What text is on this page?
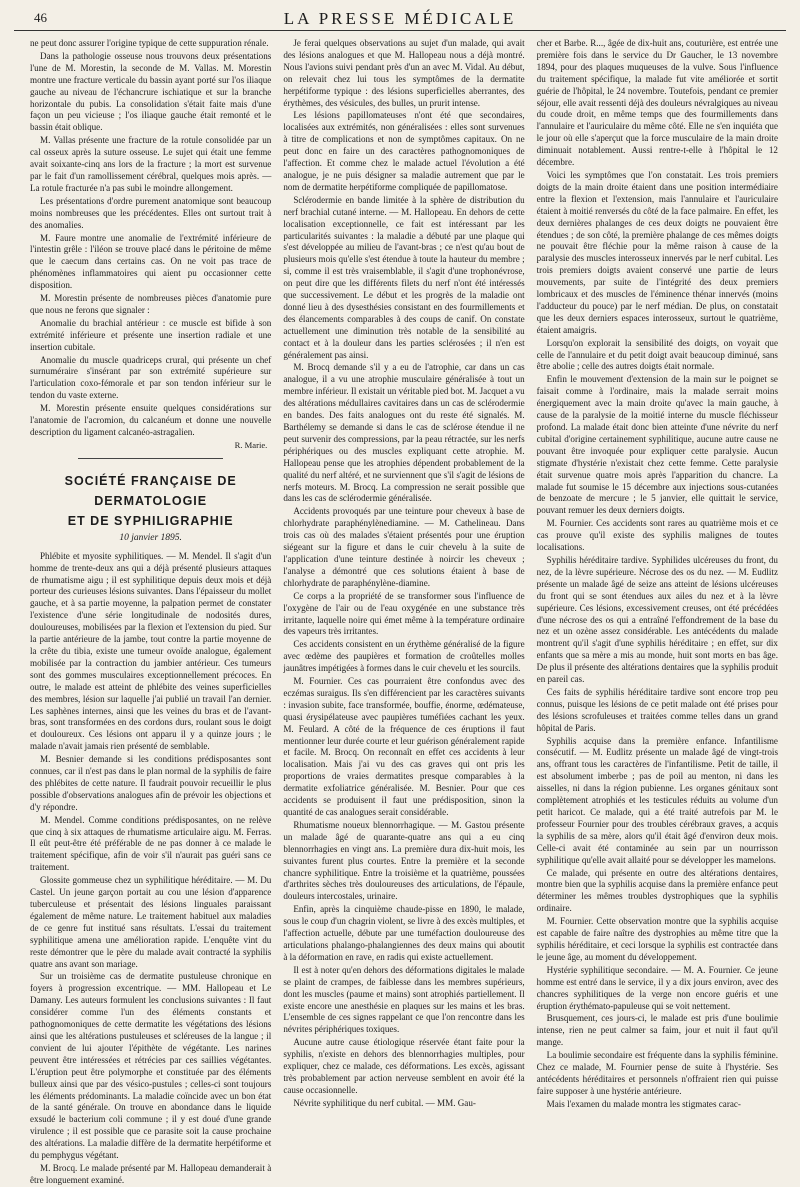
46	LA PRESSE MÉDICALE

ne peut donc assurer l'origine typique de cette suppuration rénale.

Dans la pathologie osseuse nous trouvons deux présentations l'une de M. Morestin, la seconde de M. Vallas. M. Morestin montre une fracture verticale du bassin ayant porté sur l'os iliaque gauche au niveau de l'échancrure ischiatique et sur la branche horizontale du pubis. La consolidation s'était faite mais d'une façon un peu vicieuse ; l'os iliaque gauche était remonté et le bassin était oblique.

M. Vallas présente une fracture de la rotule consolidée par un cal osseux après la suture osseuse. Le sujet qui était une femme avait soixante-cinq ans lors de la fracture ; la mort est survenue par le fait d'un ramollissement cérébral, quelques mois après. — La rotule fracturée n'a pas subi le moindre allongement.

Les présentations d'ordre purement anatomique sont beaucoup moins nombreuses que les précédentes. Elles ont surtout trait à des anomalies.

M. Faure montre une anomalie de l'extrémité inférieure de l'intestin grêle : l'iléon se trouve placé dans le péritoine de même que le caecum dans certains cas. On ne voit pas trace de phénomènes inflammatoires qui aient pu occasionner cette disposition.

M. Morestin présente de nombreuses pièces d'anatomie pure que nous ne ferons que signaler :

Anomalie du brachial antérieur : ce muscle est bifide à son extrémité inférieure et présente une insertion radiale et une insertion cubitale.

Anomalie du muscle quadriceps crural, qui présente un chef surnuméraire s'insérant par son extrémité supérieure sur l'articulation coxo-fémorale et par son tendon inférieur sur le tendon du vaste externe.

M. Morestin présente ensuite quelques considérations sur l'anatomie de l'acromion, du calcanéum et donne une nouvelle description du ligament calcanéo-astragalien.

R. Marie.
SOCIÉTÉ FRANÇAISE DE DERMATOLOGIE
ET DE SYPHILIGRAPHIE
10 janvier 1895.

Phlébite et myosite syphilitiques. — M. Mendel. Il s'agit d'un homme de trente-deux ans qui a déjà présenté plusieurs attaques de rhumatisme aigu ; il est syphilitique depuis deux mois et déjà porteur des curieuses lésions suivantes. Dans l'épaisseur du mollet gauche, et à sa partie moyenne, la palpation permet de constater l'existence d'une série longitudinale de nodosités dures, douloureuses, mobilisées par la flexion et l'extension du pied. Sur la partie antérieure de la jambe, tout contre la partie moyenne de la crête du tibia, existe une tumeur ovoïde analogue, également mobilisée par la contraction du jambier antérieur. Ces tumeurs sont des gommes musculaires exceptionnellement précoces. En outre, le malade est atteint de phlébite des veines superficielles des membres, lésion sur laquelle j'ai publié un travail l'an dernier. Les saphènes internes, ainsi que les veines du bras et de l'avant-bras, sont transformées en des cordons durs, roulant sous le doigt et douloureux. Ces lésions ont apparu il y a quinze jours ; le malade n'avait jamais rien présenté de semblable.

M. Besnier demande si les conditions prédisposantes sont connues, car il n'est pas dans le plan normal de la syphilis de faire des phlébites de cette nature. Il faudrait pouvoir recueillir le plus possible d'observations analogues afin de prévoir les objections et d'y répondre.

M. Mendel. Comme conditions prédisposantes, on ne relève que cinq à six attaques de rhumatisme articulaire aigu. M. Ferras. Il eût peut-être été préférable de ne pas donner à ce malade le traitement spécifique, afin de voir s'il n'aurait pas guéri sans ce traitement.

Glossite gommeuse chez un syphilitique héréditaire. — M. Du Castel. Un jeune garçon portait au cou une lésion d'apparence tuberculeuse et présentait des lésions linguales paraissant également de même nature. Le traitement habituel aux maladies de ce genre fut institué sans résultats. L'essai du traitement syphilitique amena une amélioration rapide. L'enquête vint du reste démontrer que le père du malade avait contracté la syphilis quatre ans avant son mariage.

Sur un troisième cas de dermatite pustuleuse chronique en foyers à progression excentrique. — MM. Hallopeau et Le Damany. Les auteurs formulent les conclusions suivantes : Il faut considérer comme l'un des éléments constants et pathognomoniques de cette dermatite les végétations des lésions ainsi que les altérations pustuleuses et scléreuses de la langue ; il convient de lui ajouter l'épithète de végétante. Les narines peuvent être intéressées et rétrécies par ces saillies végétantes. L'éruption peut être polymorphe et constituée par des éléments bulleux ainsi que par des vésico-pustules ; celles-ci sont toujours les éléments prédominants. La maladie coïncide avec un bon état de la santé générale. On trouve en abondance dans le liquide exsudé le bacterium coli commune ; il y est doué d'une grande virulence ; il est possible que ce parasite soit la cause prochaine des altérations. La maladie diffère de la dermatite herpétiforme et du pemphygus végétant.

M. Brocq. Le malade présenté par M. Hallopeau demanderait à être longuement examiné.

Je ferai quelques observations au sujet d'un malade, qui avait des lésions analogues et que M. Hallopeau nous a déjà montré. Nous l'avions suivi pendant près d'un an avec M. Vidal. Au début, on relevait chez lui tous les symptômes de la dermatite herpétiforme typique : des lésions superficielles aberrantes, des érythèmes, des vésicules, des bulles, un prurit intense.

Les lésions papillomateuses n'ont été que secondaires, localisées aux extrémités, non généralisées : elles sont survenues à titre de complications et non de symptômes capitaux. On ne peut donc en faire un des caractères pathognomoniques de l'affection. Et comme chez le malade actuel l'évolution a été analogue, je ne puis désigner sa maladie autrement que par le nom de dermatite herpétiforme compliquée de papillomatose.

Sclérodermie en bande limitée à la sphère de distribution du nerf brachial cutané interne. — M. Hallopeau. En dehors de cette localisation exceptionnelle, ce fait est intéressant par les particularités suivantes : la maladie a débuté par une plaque qui s'est développée au milieu de l'avant-bras ; ce n'est qu'au bout de plusieurs mois qu'elle s'est étendue à toute la hauteur du membre ; si, comme il est très vraisemblable, il s'agit d'une trophonévrose, on peut dire que les différents filets du nerf n'ont été intéressés que successivement. Le début et les progrès de la maladie ont donné lieu à des dysesthésies consistant en des fourmillements et des élancements comparables à des coups de canif. On constate actuellement une diminution très notable de la sensibilité au contact et à la douleur dans les parties sclérosées ; il n'en est généralement pas ainsi.

M. Brocq demande s'il y a eu de l'atrophie, car dans un cas analogue, il a vu une atrophie musculaire généralisée à tout un membre inférieur. Il existait un véritable pied bot. M. Jacquet a vu des altérations médullaires cavitaires dans un cas de sclérodermie en bandes. Des faits analogues ont du reste été signalés. M. Barthélemy se demande si dans le cas de sclérose étendue il ne peut survenir des compressions, par la peau rétractée, sur les nerfs périphériques ou des muscles expliquant cette atrophie. M. Hallopeau pense que les atrophies dépendent probablement de la qualité du nerf altéré, et ne surviennent que s'il s'agit de lésions de nerfs moteurs. M. Brocq. La compression ne serait possible que dans les cas de sclérodermie généralisée.

Accidents provoqués par une teinture pour cheveux à base de chlorhydrate paraphénylènediamine. — M. Cathelineau. Dans trois cas où des malades s'étaient présentés pour une éruption siégeant sur la figure et dans le cuir chevelu à la suite de l'application d'une teinture destinée à noircir les cheveux ; l'analyse a démontré que ces solutions étaient à base de chlorhydrate de paraphénylène-diamine.

Ce corps a la propriété de se transformer sous l'influence de l'oxygène de l'air ou de l'eau oxygénée en une substance très irritante, laquelle noire qui émet même à la température ordinaire des vapeurs très irritantes.

Ces accidents consistent en un érythème généralisé de la figure avec œdème des paupières et formation de croûtelles molles jaunâtres impétigées à formes dans le cuir chevelu et les sourcils.

M. Fournier. Ces cas pourraient être confondus avec des eczémas suraigus. Ils s'en différencient par les caractères suivants : invasion subite, face transformée, bouffie, énorme, œdémateuse, quasi érysipélateuse avec paupières tuméfiées cachant les yeux. M. Feulard. A côté de la fréquence de ces éruptions il faut mentionner leur durée courte et leur guérison généralement rapide et facile. M. Brocq. On reconnaît en effet ces accidents à leur localisation. Mais j'ai vu des cas graves qui ont pris les proportions de vraies dermatites presque comparables à la dermatite exfoliatrice généralisée. M. Besnier. Pour que ces accidents se produisent il faut une prédisposition, sinon la quantité de cas analogues serait considérable.

Rhumatisme noueux blennorrhagique. — M. Gastou présente un malade âgé de quarante-quatre ans qui a eu cinq blennorrhagies en vingt ans. La première dura dix-huit mois, les suivantes furent plus courtes. Entre la première et la seconde chancre syphilitique. Entre la troisième et la quatrième, poussées d'arthrites sèches très douloureuses des articulations, de l'épaule, douleurs intercostales, urinaire.

Enfin, après la cinquième chaude-pisse en 1890, le malade, sous le coup d'un chagrin violent, se livre à des excès multiples, et l'affection actuelle, débute par une tuméfaction douloureuse des articulations phalango-phalangiennes des deux mains qui aboutit à la déformation en rave, en radis qui existe actuellement.

Il est à noter qu'en dehors des déformations digitales le malade se plaint de crampes, de faiblesse dans les membres supérieurs, dont les muscles (paume et mains) sont atrophiés partiellement. Il existe encore une anesthésie en plaques sur les mains et les bras. L'ensemble de ces signes rappelant ce que l'on rencontre dans les névrites périphériques toxiques.

Aucune autre cause étiologique réservée étant faite pour la syphilis, n'existe en dehors des blennorrhagies multiples, pour expliquer, chez ce malade, ces déformations. Les excès, agissant très probablement par action nerveuse semblent en avoir été la cause occasionnelle.

Névrite syphilitique du nerf cubital. — MM. Gau-

cher et Barbe. R..., âgée de dix-huit ans, couturière, est entrée une première fois dans le service du Dr Gaucher, le 13 novembre 1894, pour des plaques muqueuses de la vulve. Sous l'influence du traitement spécifique, la malade fut vite améliorée et sortit guérie de l'hôpital, le 24 novembre. Toutefois, pendant ce premier séjour, elle avait ressenti déjà des douleurs névralgiques au niveau du coude droit, en même temps que des fourmillements dans l'annulaire et l'auriculaire du même côté. Elle ne s'en inquiéta que le jour où elle s'aperçut que la force musculaire de la main droite diminuait notablement. Aussi rentre-t-elle à l'hôpital le 12 décembre.

Voici les symptômes que l'on constatait. Les trois premiers doigts de la main droite étaient dans une position intermédiaire entre la flexion et l'extension, mais l'annulaire et l'auriculaire étaient à moitié renversés du côté de la face palmaire. En effet, les deux dernières phalanges de ces deux doigts ne pouvaient être étendues ; de son côté, la première phalange de ces mêmes doigts ne pouvait être fléchie pour la même raison à cause de la paralysie des muscles interosseux innervés par le nerf cubital. Les trois premiers doigts avaient conservé une partie de leurs mouvements, par suite de l'intégrité des deux premiers lombricaux et des muscles de l'éminence thénar innervés (moins l'adducteur du pouce) par le nerf médian. De plus, on constatait que les deux derniers espaces interosseux, surtout le quatrième, étaient amaigris.

Lorsqu'on explorait la sensibilité des doigts, on voyait que celle de l'annulaire et du petit doigt avait beaucoup diminué, sans être abolie ; celle des autres doigts était normale.

Enfin le mouvement d'extension de la main sur le poignet se faisait comme à l'ordinaire, mais la malade serrait moins énergiquement avec la main droite qu'avec la main gauche, à cause de la paralysie de la moitié interne du muscle fléchisseur profond. La malade était donc bien atteinte d'une névrite du nerf cubital d'origine certainement syphilitique, aucune autre cause ne pouvant être invoquée pour expliquer cette paralysie. Aucun stigmate d'hystérie n'existait chez cette femme. Cette paralysie était survenue quatre mois après l'apparition du chancre. La malade fut soumise le 15 décembre aux injections sous-cutanées de benzoate de mercure ; le 5 janvier, elle quittait le service, pouvant remuer les deux derniers doigts.

M. Fournier. Ces accidents sont rares au quatrième mois et ce cas prouve qu'il existe des syphilis malignes de toutes localisations.

Syphilis héréditaire tardive. Syphilides ulcéreuses du front, du nez, de la lèvre supérieure. Nécrose des os du nez. — M. Eudlitz présente un malade âgé de seize ans atteint de lésions ulcéreuses du front qui se sont étendues aux ailes du nez et à la lèvre supérieure. Ces lésions, excessivement creuses, ont été précédées d'une nécrose des os qui a entraîné l'effondrement de la base du nez et un ozène assez considérable. Les antécédents du malade montrent qu'il s'agit d'une syphilis héréditaire ; en effet, sur dix enfants que sa mère a mis au monde, huit sont morts en bas âge. De plus il présente des altérations dentaires que la syphilis produit en pareil cas.

Ces faits de syphilis héréditaire tardive sont encore trop peu connus, puisque les lésions de ce petit malade ont été prises pour des lésions scrofuleuses et traitées comme telles dans un grand hôpital de Paris.

Syphilis acquise dans la première enfance. Infantilisme consécutif. — M. Eudlitz présente un malade âgé de vingt-trois ans, offrant tous les caractères de l'infantilisme. Petit de taille, il est absolument imberbe ; pas de poil au menton, ni dans les aisselles, ni dans la région pubienne. Les organes génitaux sont complètement atrophiés et les testicules réduits au volume d'un petit haricot. Ce malade, qui a été traité autrefois par M. le professeur Fournier pour des troubles cérébraux graves, a acquis la syphilis de sa mère, alors qu'il était âgé d'environ deux mois. Celle-ci avait été contaminée au sein par un nourrisson syphilitique qu'elle avait allaité pour se développer les mamelons.

Ce malade, qui présente en outre des altérations dentaires, montre bien que la syphilis acquise dans la première enfance peut déterminer les mêmes troubles dystrophiques que la syphilis ordinaire.

M. Fournier. Cette observation montre que la syphilis acquise est capable de faire naître des dystrophies au même titre que la syphilis héréditaire, et ceci lorsque la syphilis est contractée dans le jeune âge, au moment du développement.

Hystérie syphilitique secondaire. — M. A. Fournier. Ce jeune homme est entré dans le service, il y a dix jours environ, avec des chancres syphilitiques de la verge non encore guéris et une éruption érythémato-papuleuse qui se voit nettement.

Brusquement, ces jours-ci, le malade est pris d'une boulimie intense, rien ne peut calmer sa faim, jour et nuit il faut qu'il mange.

La boulimie secondaire est fréquente dans la syphilis féminine. Chez ce malade, M. Fournier pense de suite à l'hystérie. Ses antécédents héréditaires et personnels n'offraient rien qui puisse faire supposer à une hystérie antérieure.

Mais l'examen du malade montra les stigmates carac-
